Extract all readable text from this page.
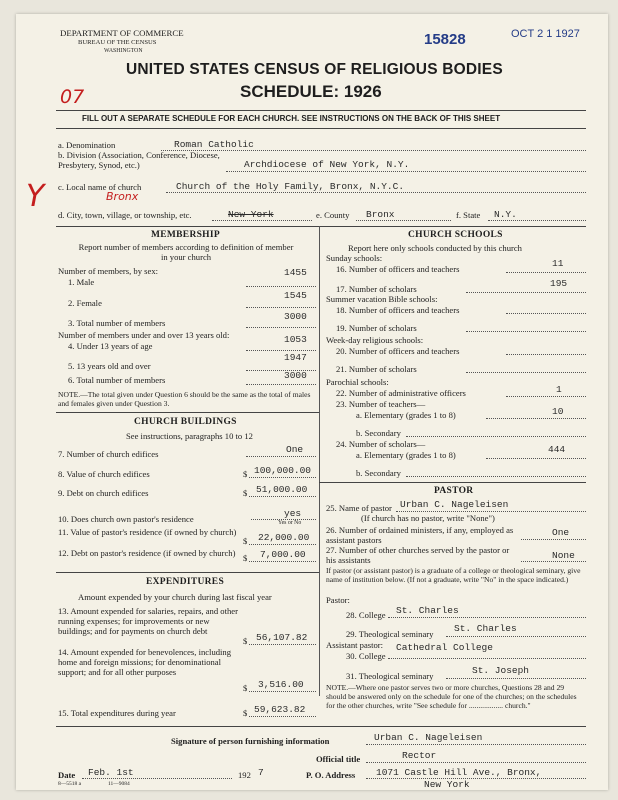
DEPARTMENT OF COMMERCE
BUREAU OF THE CENSUS
WASHINGTON
15828	OCT 2 1 1927
UNITED STATES CENSUS OF RELIGIOUS BODIES
SCHEDULE: 1926
07
FILL OUT A SEPARATE SCHEDULE FOR EACH CHURCH. SEE INSTRUCTIONS ON THE BACK OF THIS SHEET
a. Denomination	Roman Catholic
b. Division (Association, Conference, Diocese, Presbytery, Synod, etc.)	Archdiocese of New York, N.Y.
Y c. Local name of church	Church of the Holy Family, Bronx, N.Y.C.
Bronx
d. City, town, village, or township, etc.	New York	e. County Bronx	f. State N.Y.
MEMBERSHIP
Report number of members according to definition of member in your church
Number of members, by sex:
1. Male
1455
2. Female
1545
3. Total number of members
3000
Number of members under and over 13 years old:
4. Under 13 years of age
1053
5. 13 years old and over
1947
6. Total number of members	3000
NOTE.—The total given under Question 6 should be the same as the total of males and females given under Question 3.
CHURCH BUILDINGS
See instructions, paragraphs 10 to 12
7. Number of church edifices	One
8. Value of church edifices	$ 100,000.00
9. Debt on church edifices	$ 51,000.00
10. Does church own pastor's residence	yes
Yes or No
11. Value of pastor's residence (if owned by church)
$ 22,000.00
12. Debt on pastor's residence (if owned by church) $ 7,000.00
EXPENDITURES
Amount expended by your church during last fiscal year
13. Amount expended for salaries, repairs, and other running expenses; for improvements or new buildings; and for payments on church debt
$ 56,107.82
14. Amount expended for benevolences, including home and foreign missions; for denominational support; and for all other purposes
$ 3,516.00
15. Total expenditures during year	$ 59,623.82
CHURCH SCHOOLS
Report here only schools conducted by this church
Sunday schools:
16. Number of officers and teachers	11
17. Number of scholars	195
Summer vacation Bible schools:
18. Number of officers and teachers
19. Number of scholars
Week-day religious schools:
20. Number of officers and teachers
21. Number of scholars
Parochial schools:
22. Number of administrative officers	1
23. Number of teachers—
a. Elementary (grades 1 to 8)	10
b. Secondary
24. Number of scholars—
a. Elementary (grades 1 to 8)	444
b. Secondary
PASTOR
25. Name of pastor Urban C. Nageleisen
(If church has no pastor, write "None")
26. Number of ordained ministers, if any, employed as assistant pastors
One
27. Number of other churches served by the pastor or his assistants	None
If pastor (or assistant pastor) is a graduate of a college or theological seminary, give name of institution below. (If not a graduate, write "No" in the space indicated.)
Pastor:
28. College St. Charles
29. Theological seminary St. Charles
Assistant pastor:
30. College
Cathedral College
31. Theological seminary	St. Joseph
NOTE.—Where one pastor serves two or more churches, Questions 28 and 29 should be answered only on the schedule for one of the churches; on the schedules for the other churches, write "See schedule for .................. church."
Signature of person furnishing information	Urban C. Nageleisen
Official title	Rector
Date Feb. 1st	192 7	P. O. Address 1071 Castle Hill Ave., Bronx,
New York
8—5518 a	11—9084
